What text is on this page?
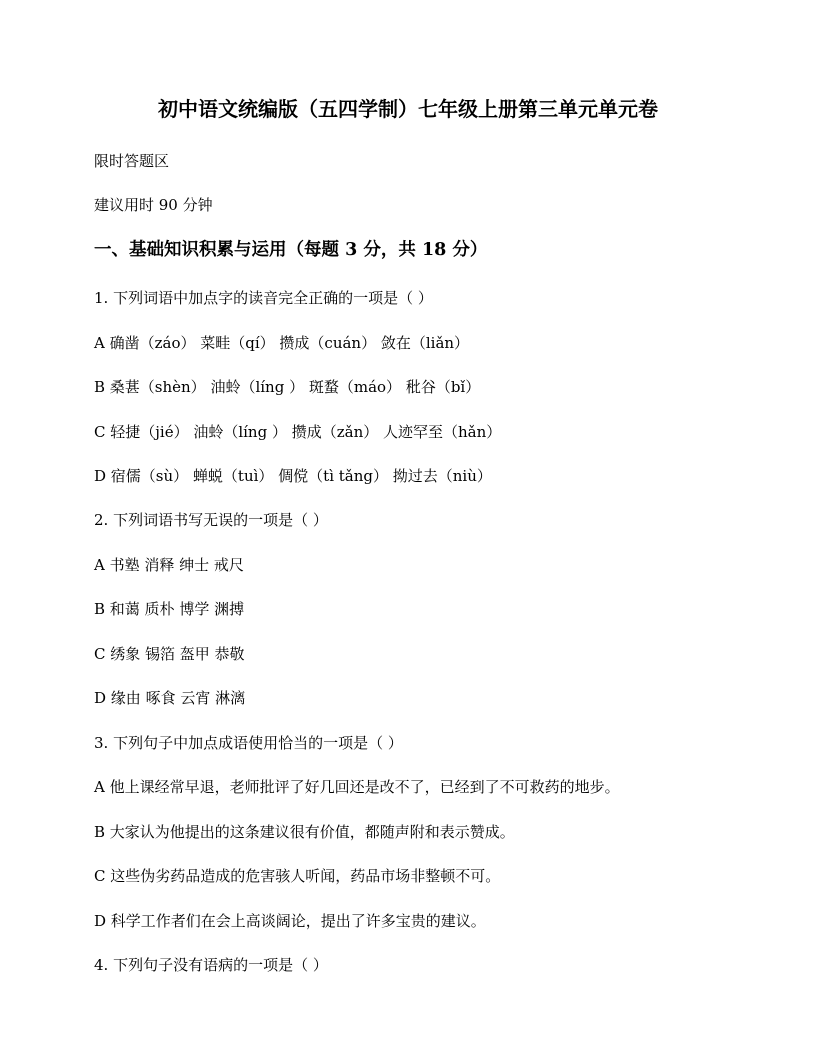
初中语文统编版（五四学制）七年级上册第三单元单元卷
限时答题区
建议用时 90 分钟
一、基础知识积累与运用（每题 3 分，共 18 分）
1. 下列词语中加点字的读音完全正确的一项是（ ）
A 确凿（záo） 菜畦（qí） 攒成（cuán） 敛在（liǎn）
B 桑葚（shèn） 油蛉（líng ） 斑蝥（máo） 秕谷（bǐ）
C 轻捷（jié） 油蛉（líng ） 攒成（zǎn） 人迹罕至（hǎn）
D 宿儒（sù） 蝉蜕（tuì） 倜傥（tì tǎng） 拗过去（niù）
2. 下列词语书写无误的一项是（ ）
A 书塾 消释 绅士 戒尺
B 和蔼 质朴 博学 渊搏
C 绣象 锡箔 盔甲 恭敬
D 缘由 啄食 云宵 淋漓
3. 下列句子中加点成语使用恰当的一项是（ ）
A 他上课经常早退，老师批评了好几回还是改不了，已经到了不可救药的地步。
B 大家认为他提出的这条建议很有价值，都随声附和表示赞成。
C 这些伪劣药品造成的危害骇人听闻，药品市场非整顿不可。
D 科学工作者们在会上高谈阔论，提出了许多宝贵的建议。
4. 下列句子没有语病的一项是（ ）
